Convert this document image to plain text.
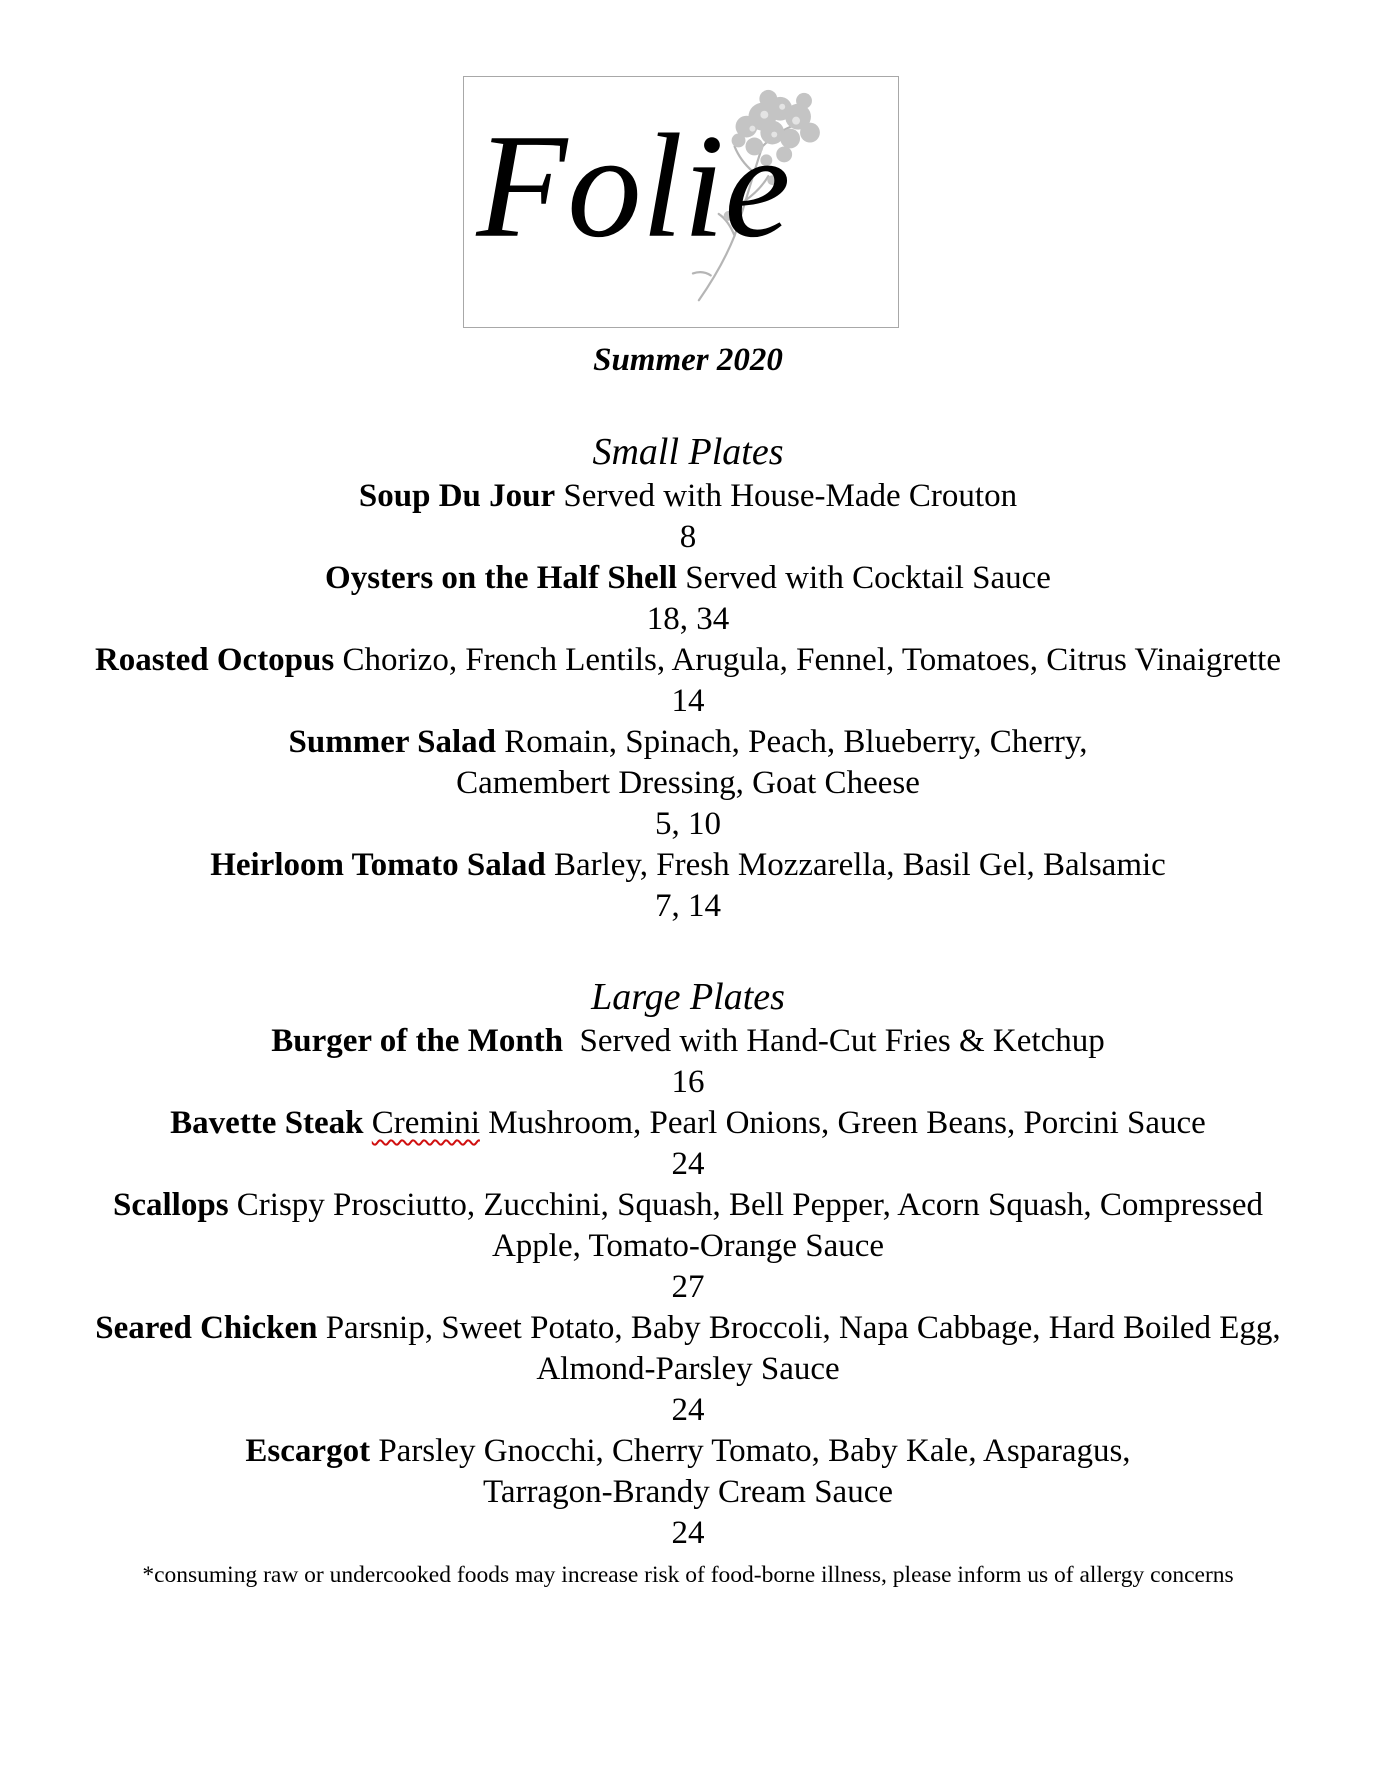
Folie
Summer 2020

Small Plates

Soup Du Jour Served with House-Made Crouton

8

Oysters on the Half Shell Served with Cocktail Sauce

18, 34

Roasted Octopus Chorizo, French Lentils, Arugula, Fennel, Tomatoes, Citrus Vinaigrette

14

Summer Salad Romain, Spinach, Peach, Blueberry, Cherry,

Camembert Dressing, Goat Cheese

5, 10

Heirloom Tomato Salad Barley, Fresh Mozzarella, Basil Gel, Balsamic

7, 14

Large Plates

Burger of the Month  Served with Hand-Cut Fries & Ketchup

16

Bavette Steak Cremini Mushroom, Pearl Onions, Green Beans, Porcini Sauce

24

Scallops Crispy Prosciutto, Zucchini, Squash, Bell Pepper, Acorn Squash, Compressed

Apple, Tomato-Orange Sauce

27

Seared Chicken Parsnip, Sweet Potato, Baby Broccoli, Napa Cabbage, Hard Boiled Egg,

Almond-Parsley Sauce

24

Escargot Parsley Gnocchi, Cherry Tomato, Baby Kale, Asparagus,

Tarragon-Brandy Cream Sauce

24

*consuming raw or undercooked foods may increase risk of food-borne illness, please inform us of allergy concerns
